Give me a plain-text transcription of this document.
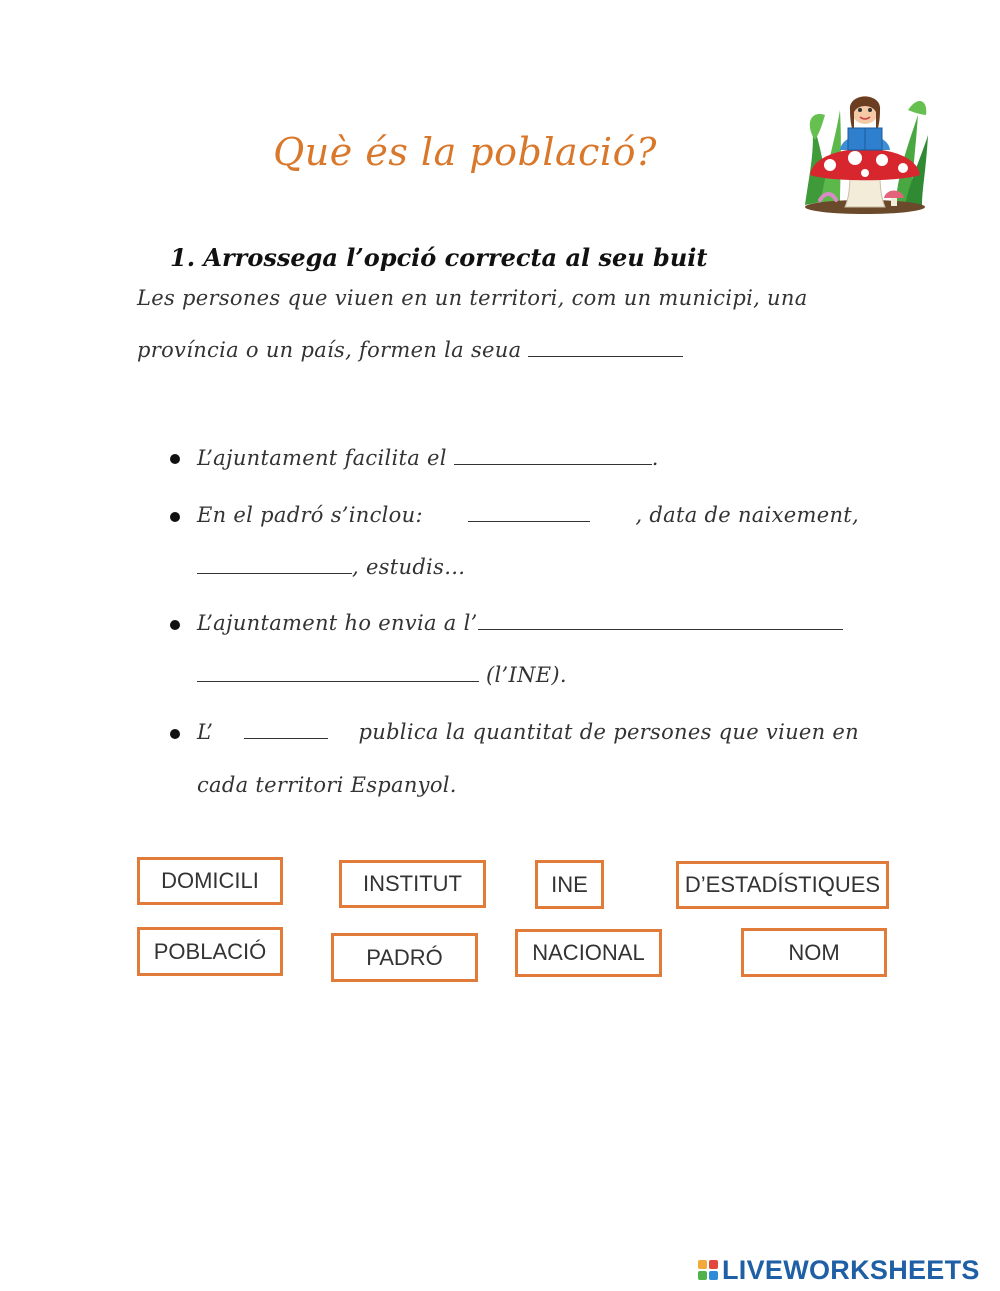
Què és la població?
1. Arrossega l’opció correcta al seu buit
Les persones que viuen en un territori, com un municipi, una
província o un país, formen la seua
L’ajuntament facilita el	.
En el padró s’inclou:	, data de naixement,
, estudis…
L’ajuntament ho envia a l’
(l’INE).
L’	publica la quantitat de persones que viuen en
cada territori Espanyol.
DOMICILI	INSTITUT	INE	D’ESTADÍSTIQUES
POBLACIÓ	PADRÓ	NACIONAL	NOM
LIVEWORKSHEETS
